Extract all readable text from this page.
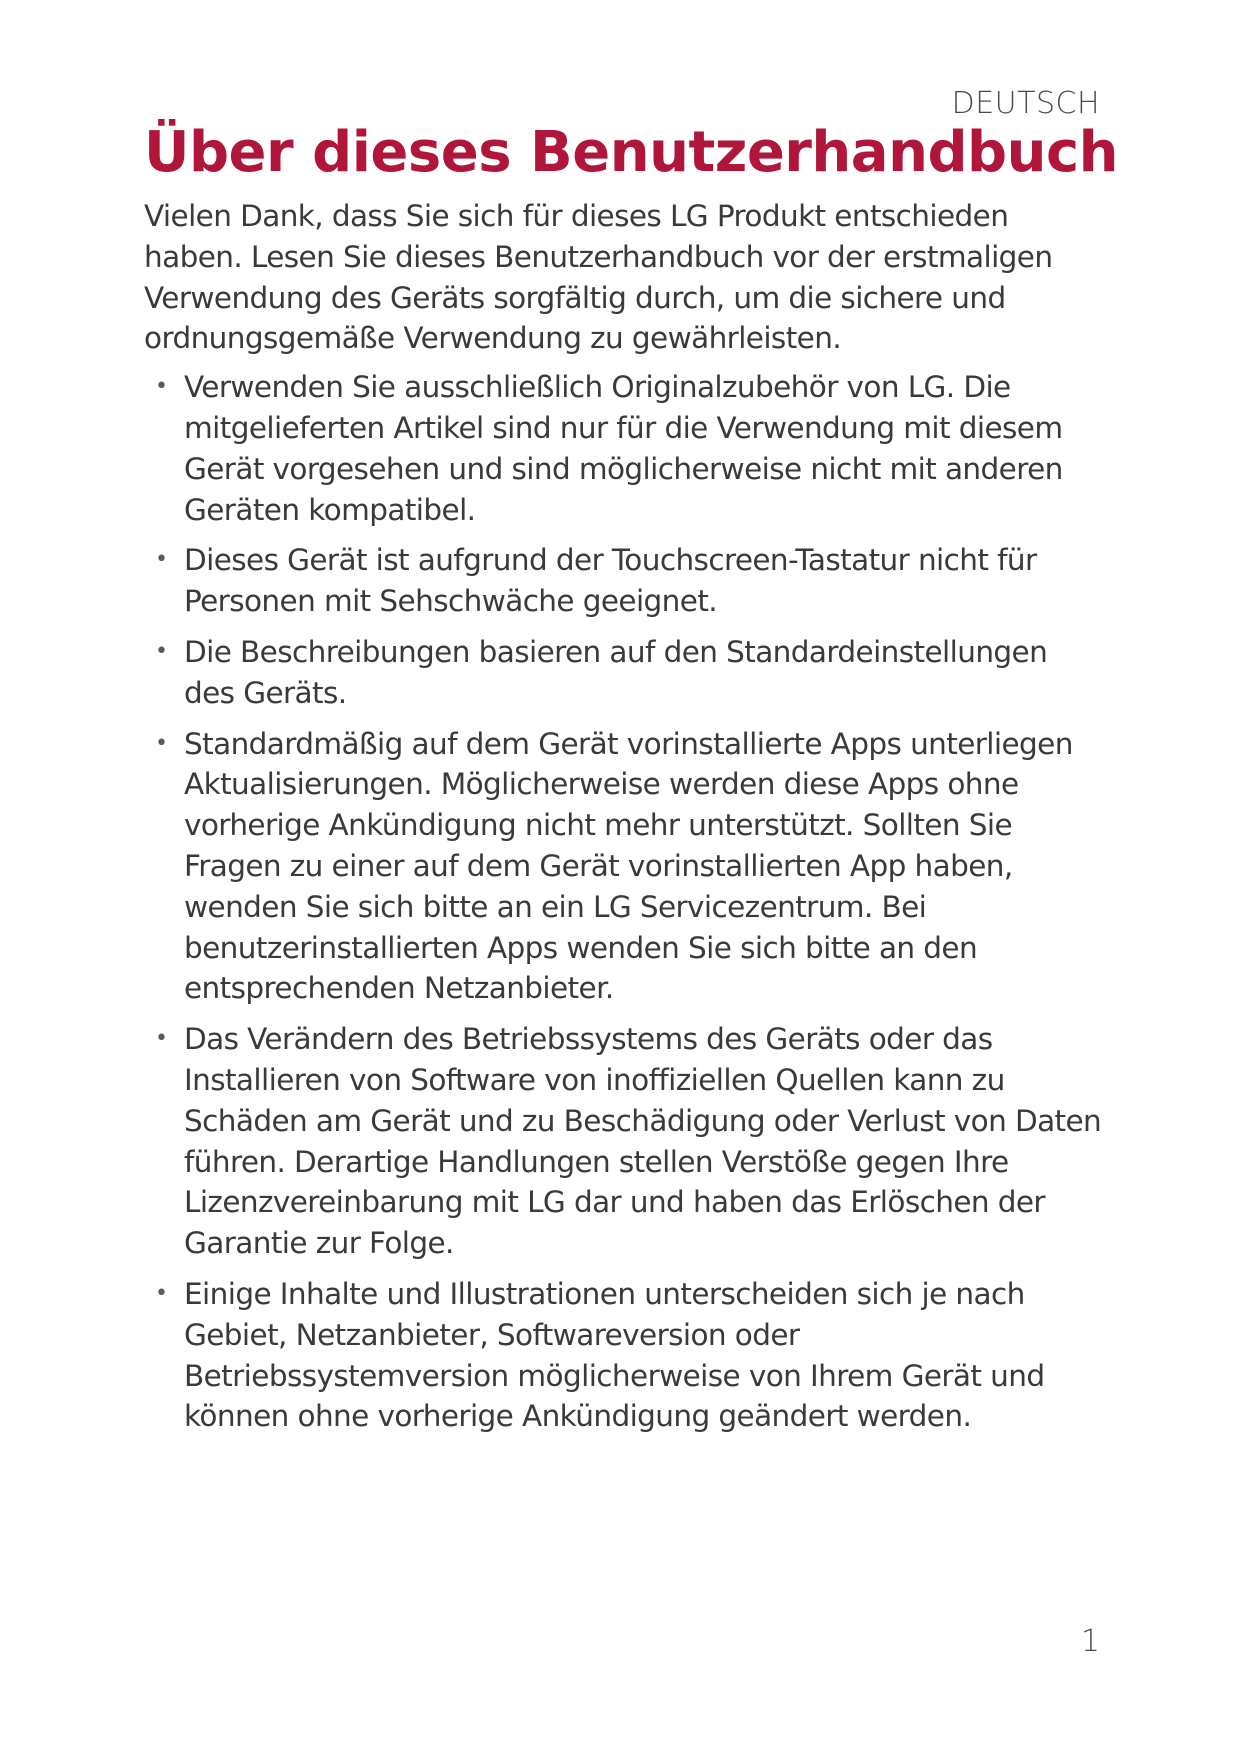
DEUTSCH
Über dieses Benutzerhandbuch

Vielen Dank, dass Sie sich für dieses LG Produkt entschieden haben. Lesen Sie dieses Benutzerhandbuch vor der erstmaligen Verwendung des Geräts sorgfältig durch, um die sichere und ordnungsgemäße Verwendung zu gewährleisten.

• Verwenden Sie ausschließlich Originalzubehör von LG. Die mitgelieferten Artikel sind nur für die Verwendung mit diesem Gerät vorgesehen und sind möglicherweise nicht mit anderen Geräten kompatibel.
• Dieses Gerät ist aufgrund der Touchscreen-Tastatur nicht für Personen mit Sehschwäche geeignet.
• Die Beschreibungen basieren auf den Standardeinstellungen des Geräts.
• Standardmäßig auf dem Gerät vorinstallierte Apps unterliegen Aktualisierungen. Möglicherweise werden diese Apps ohne vorherige Ankündigung nicht mehr unterstützt. Sollten Sie Fragen zu einer auf dem Gerät vorinstallierten App haben, wenden Sie sich bitte an ein LG Servicezentrum. Bei benutzerinstallierten Apps wenden Sie sich bitte an den entsprechenden Netzanbieter.
• Das Verändern des Betriebssystems des Geräts oder das Installieren von Software von inoffiziellen Quellen kann zu Schäden am Gerät und zu Beschädigung oder Verlust von Daten führen. Derartige Handlungen stellen Verstöße gegen Ihre Lizenzvereinbarung mit LG dar und haben das Erlöschen der Garantie zur Folge.
• Einige Inhalte und Illustrationen unterscheiden sich je nach Gebiet, Netzanbieter, Softwareversion oder Betriebssystemversion möglicherweise von Ihrem Gerät und können ohne vorherige Ankündigung geändert werden.
1
